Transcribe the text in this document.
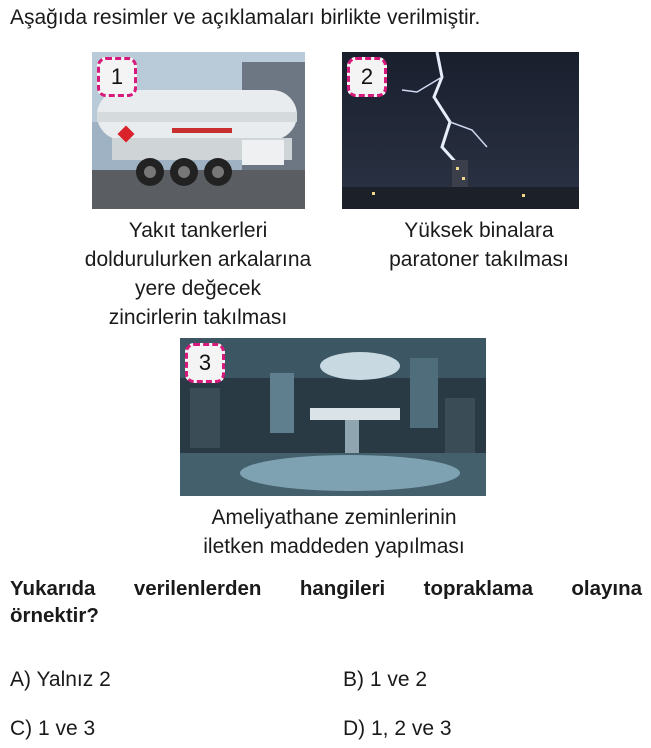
Aşağıda resimler ve açıklamaları birlikte verilmiştir.
1
Yakıt tankerleri
doldurulurken arkalarına
yere değecek
zincirlerin takılması
2
Yüksek binalara
paratoner takılması
3
Ameliyathane zeminlerinin
iletken maddeden yapılması
Yukarıda verilenlerden hangileri topraklama olayına
örnektir?
A) Yalnız 2	B) 1 ve 2
C) 1 ve 3	D) 1, 2 ve 3
